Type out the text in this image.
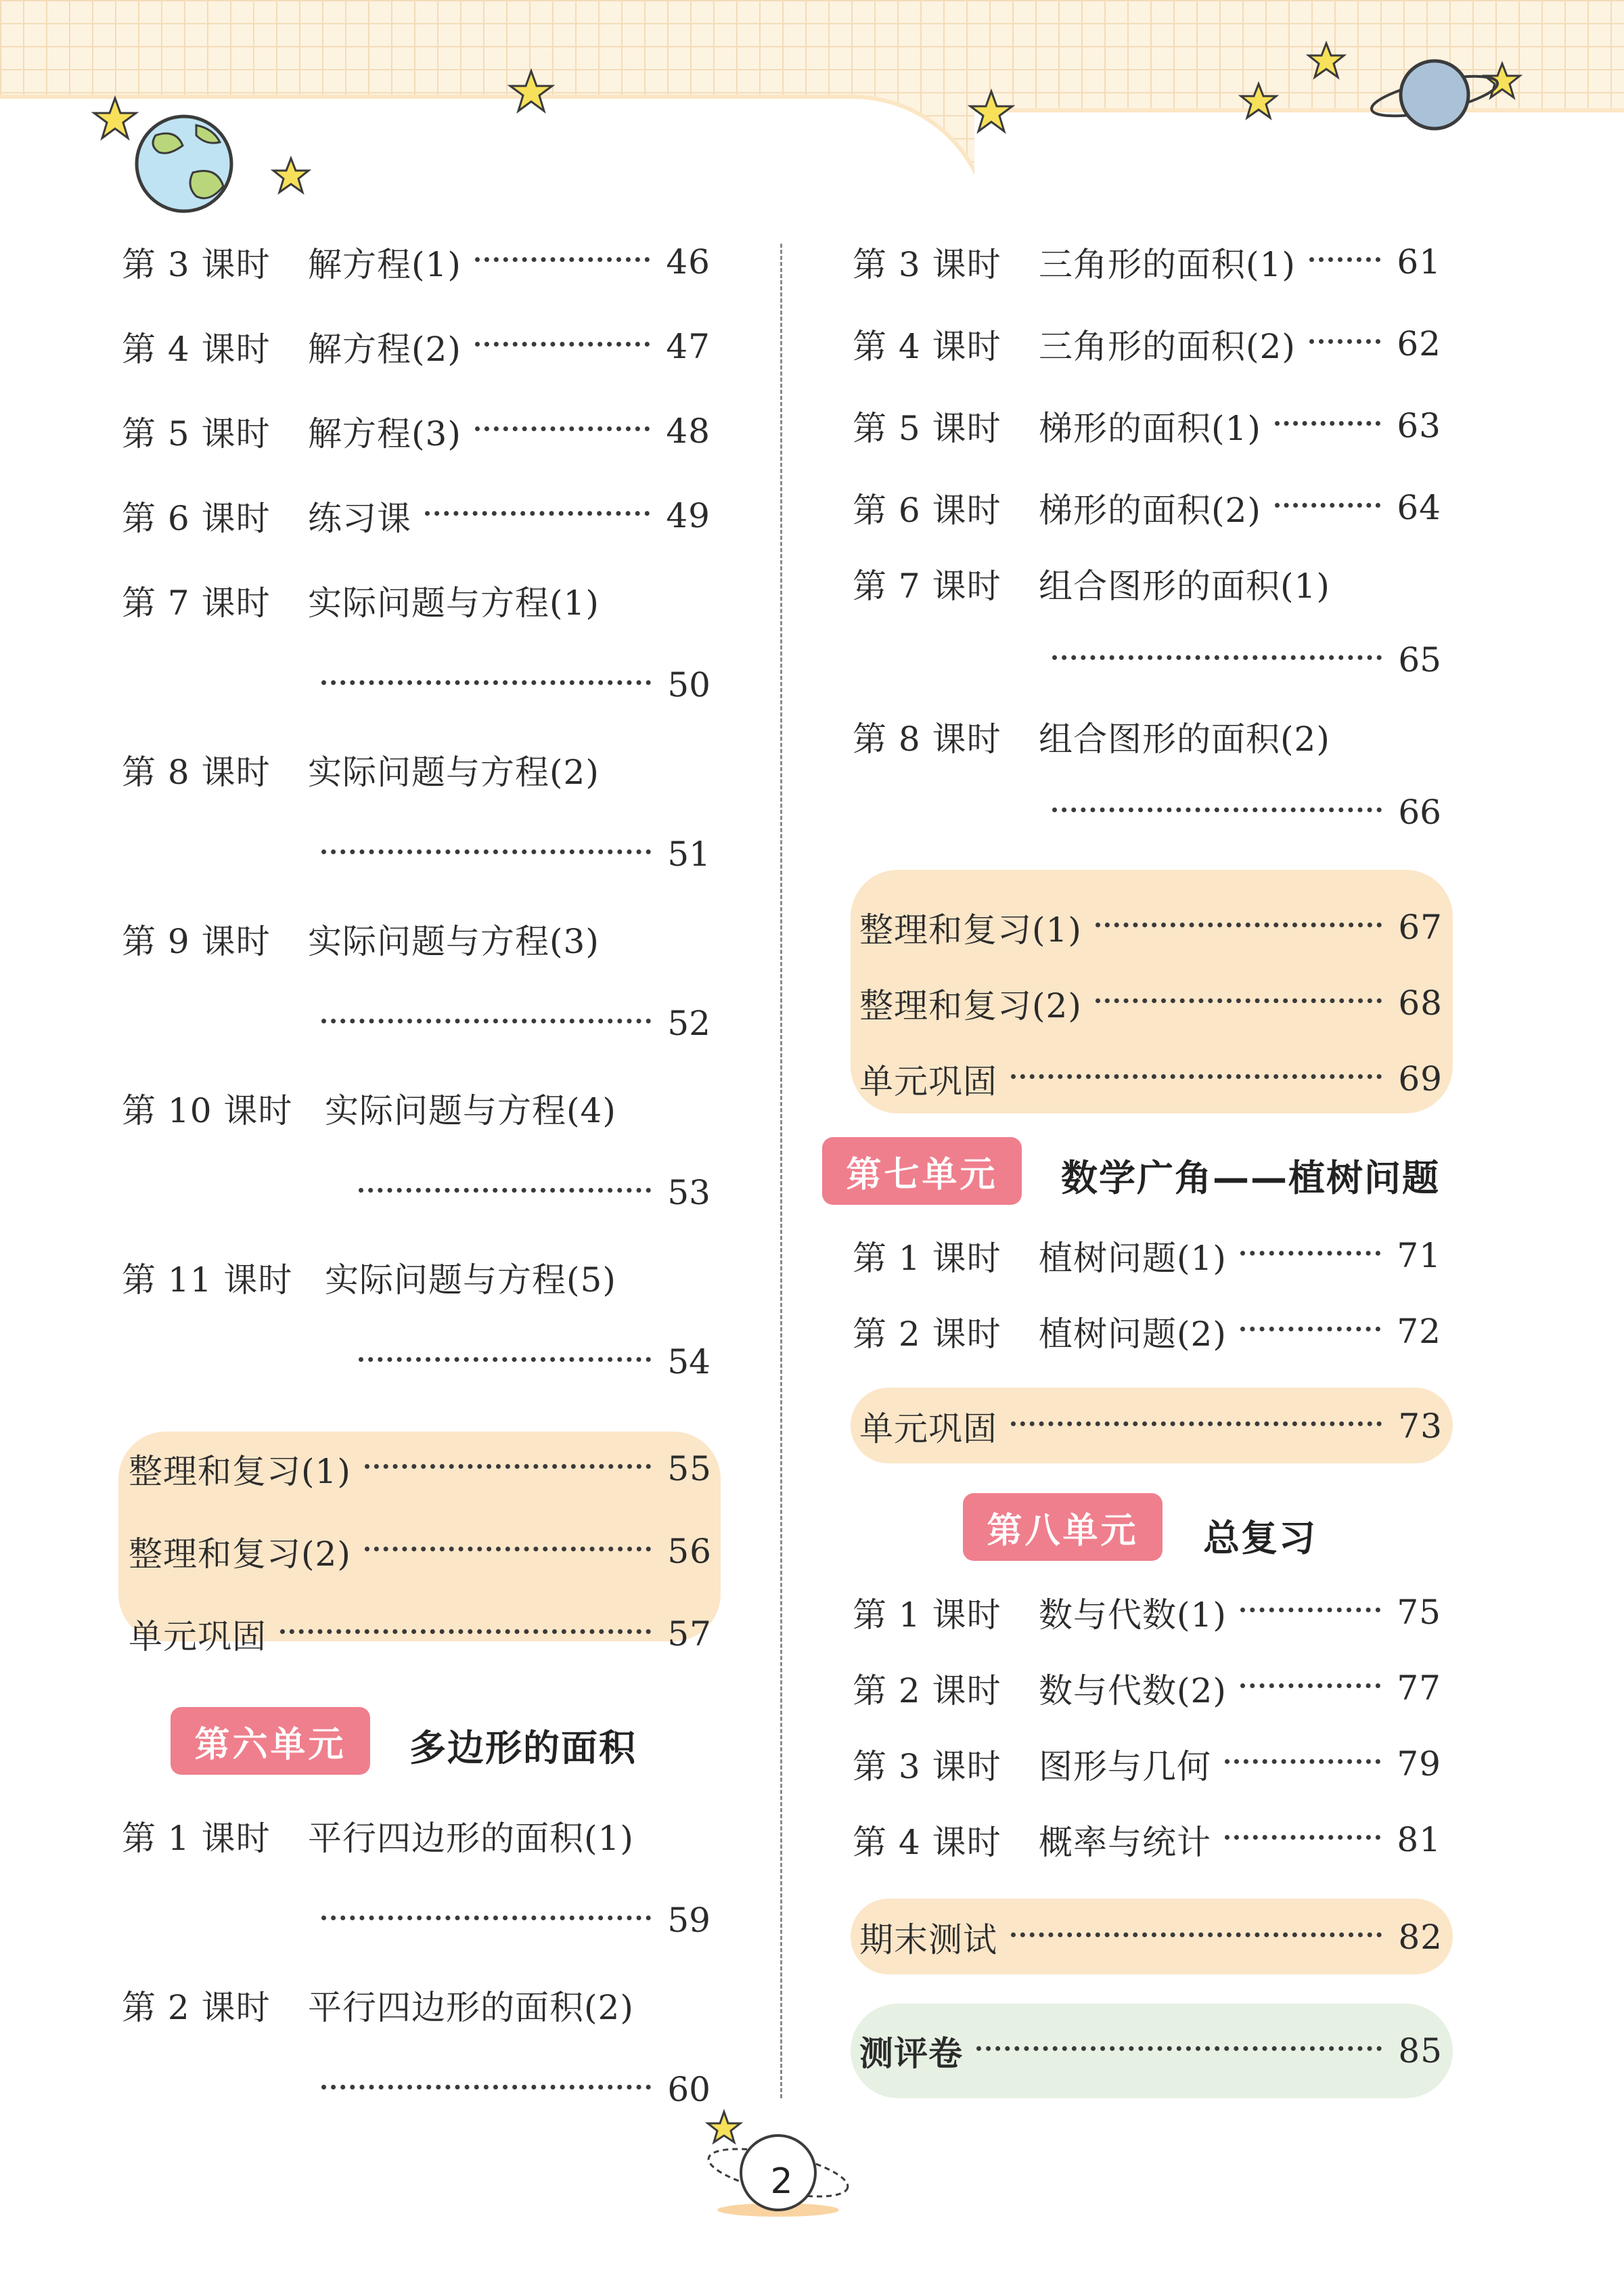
第 3 课时	解方程(1)	46
第 4 课时	解方程(2)	47
第 5 课时	解方程(3)	48
第 6 课时	练习课	49
第 7 课时	实际问题与方程(1)
50
第 8 课时	实际问题与方程(2)
51
第 9 课时	实际问题与方程(3)
52
第 10 课时 实际问题与方程(4)
53
第 11 课时 实际问题与方程(5)
54
整理和复习(1)	55
整理和复习(2)	56
单元巩固	57
第六单元	多边形的面积
第 1 课时	平行四边形的面积(1)
59
第 2 课时	平行四边形的面积(2)
60
第 3 课时	三角形的面积(1)	61
第 4 课时	三角形的面积(2)	62
第 5 课时	梯形的面积(1)	63
第 6 课时	梯形的面积(2)	64
第 7 课时	组合图形的面积(1)
65
第 8 课时	组合图形的面积(2)
66
整理和复习(1)	67
整理和复习(2)	68
单元巩固	69
第七单元	数学广角——植树问题
第 1 课时	植树问题(1)	71
第 2 课时	植树问题(2)	72
单元巩固	73
第八单元	总复习
第 1 课时	数与代数(1)	75
第 2 课时	数与代数(2)	77
第 3 课时	图形与几何	79
第 4 课时	概率与统计	81
期末测试	82
测评卷	85
2
